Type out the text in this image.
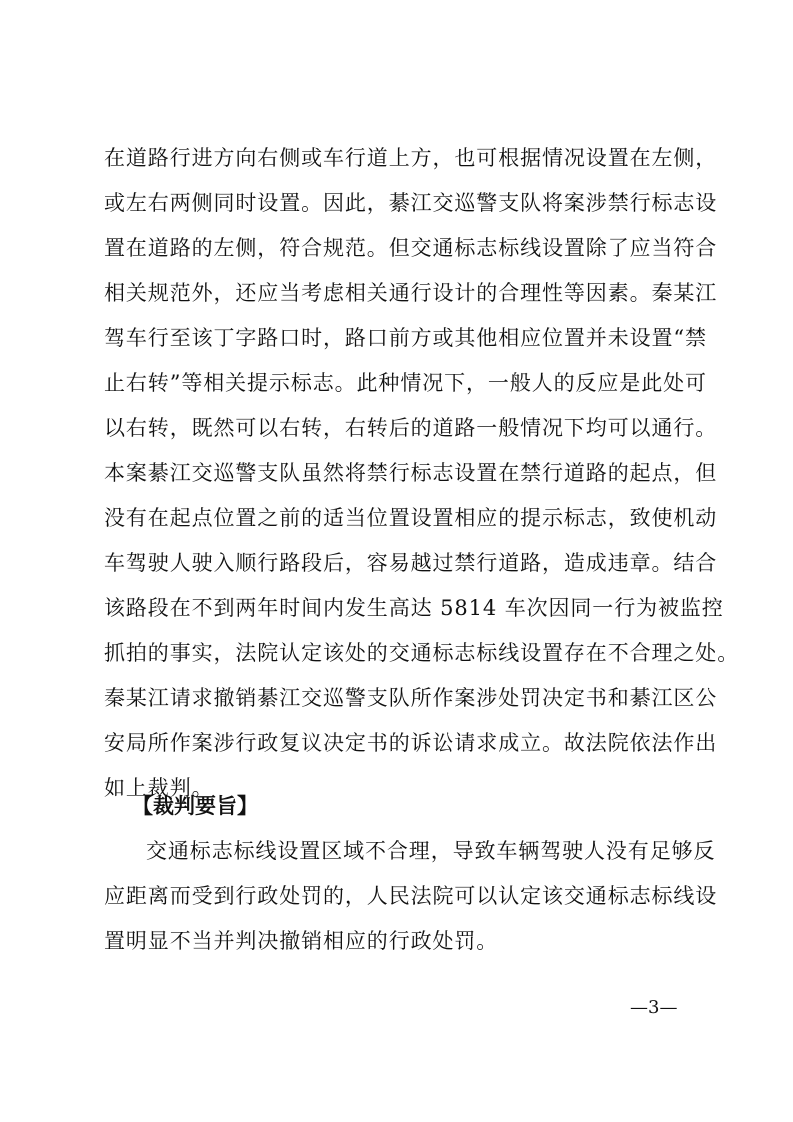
在道路行进方向右侧或车行道上方，也可根据情况设置在左侧，
或左右两侧同时设置。因此，綦江交巡警支队将案涉禁行标志设
置在道路的左侧，符合规范。但交通标志标线设置除了应当符合
相关规范外，还应当考虑相关通行设计的合理性等因素。秦某江
驾车行至该丁字路口时，路口前方或其他相应位置并未设置“禁
止右转”等相关提示标志。此种情况下，一般人的反应是此处可
以右转，既然可以右转，右转后的道路一般情况下均可以通行。
本案綦江交巡警支队虽然将禁行标志设置在禁行道路的起点，但
没有在起点位置之前的适当位置设置相应的提示标志，致使机动
车驾驶人驶入顺行路段后，容易越过禁行道路，造成违章。结合
该路段在不到两年时间内发生高达 5814 车次因同一行为被监控
抓拍的事实，法院认定该处的交通标志标线设置存在不合理之处。
秦某江请求撤销綦江交巡警支队所作案涉处罚决定书和綦江区公
安局所作案涉行政复议决定书的诉讼请求成立。故法院依法作出
如上裁判。
【裁判要旨】
交通标志标线设置区域不合理，导致车辆驾驶人没有足够反
应距离而受到行政处罚的，人民法院可以认定该交通标志标线设
置明显不当并判决撤销相应的行政处罚。
—3—
